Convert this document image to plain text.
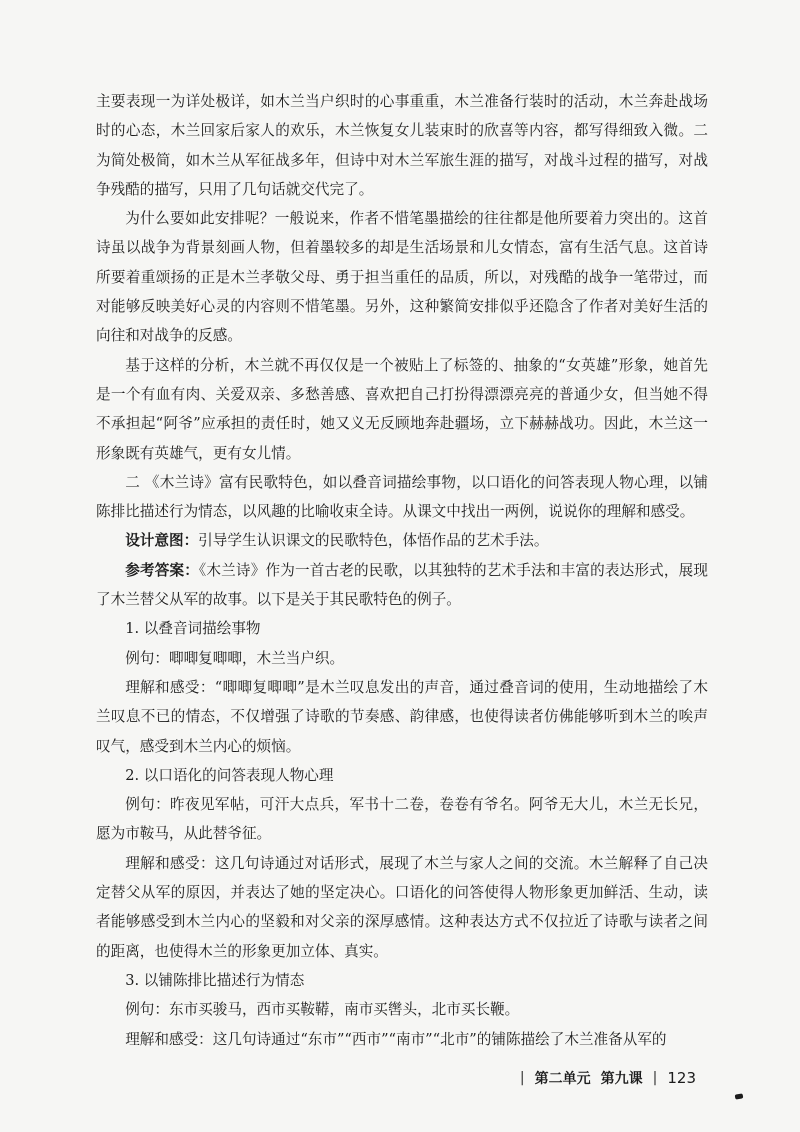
主要表现一为详处极详，如木兰当户织时的心事重重，木兰准备行装时的活动，木兰奔赴战场时的心态，木兰回家后家人的欢乐，木兰恢复女儿装束时的欣喜等内容，都写得细致入微。二为简处极简，如木兰从军征战多年，但诗中对木兰军旅生涯的描写，对战斗过程的描写，对战争残酷的描写，只用了几句话就交代完了。

为什么要如此安排呢？一般说来，作者不惜笔墨描绘的往往都是他所要着力突出的。这首诗虽以战争为背景刻画人物，但着墨较多的却是生活场景和儿女情态，富有生活气息。这首诗所要着重颂扬的正是木兰孝敬父母、勇于担当重任的品质，所以，对残酷的战争一笔带过，而对能够反映美好心灵的内容则不惜笔墨。另外，这种繁简安排似乎还隐含了作者对美好生活的向往和对战争的反感。

基于这样的分析，木兰就不再仅仅是一个被贴上了标签的、抽象的“女英雄”形象，她首先是一个有血有肉、关爱双亲、多愁善感、喜欢把自己打扮得漂漂亮亮的普通少女，但当她不得不承担起“阿爷”应承担的责任时，她又义无反顾地奔赴疆场，立下赫赫战功。因此，木兰这一形象既有英雄气，更有女儿情。

二 《木兰诗》富有民歌特色，如以叠音词描绘事物，以口语化的问答表现人物心理，以铺陈排比描述行为情态，以风趣的比喻收束全诗。从课文中找出一两例，说说你的理解和感受。

设计意图：引导学生认识课文的民歌特色，体悟作品的艺术手法。

参考答案：《木兰诗》作为一首古老的民歌，以其独特的艺术手法和丰富的表达形式，展现了木兰替父从军的故事。以下是关于其民歌特色的例子。

1. 以叠音词描绘事物

例句：唧唧复唧唧，木兰当户织。

理解和感受：“唧唧复唧唧”是木兰叹息发出的声音，通过叠音词的使用，生动地描绘了木兰叹息不已的情态，不仅增强了诗歌的节奏感、韵律感，也使得读者仿佛能够听到木兰的唉声叹气，感受到木兰内心的烦恼。

2. 以口语化的问答表现人物心理

例句：昨夜见军帖，可汗大点兵，军书十二卷，卷卷有爷名。阿爷无大儿，木兰无长兄，愿为市鞍马，从此替爷征。

理解和感受：这几句诗通过对话形式，展现了木兰与家人之间的交流。木兰解释了自己决定替父从军的原因，并表达了她的坚定决心。口语化的问答使得人物形象更加鲜活、生动，读者能够感受到木兰内心的坚毅和对父亲的深厚感情。这种表达方式不仅拉近了诗歌与读者之间的距离，也使得木兰的形象更加立体、真实。

3. 以铺陈排比描述行为情态

例句：东市买骏马，西市买鞍鞯，南市买辔头，北市买长鞭。

理解和感受：这几句诗通过“东市”“西市”“南市”“北市”的铺陈描绘了木兰准备从军的

| 第二单元 第九课 | 123
